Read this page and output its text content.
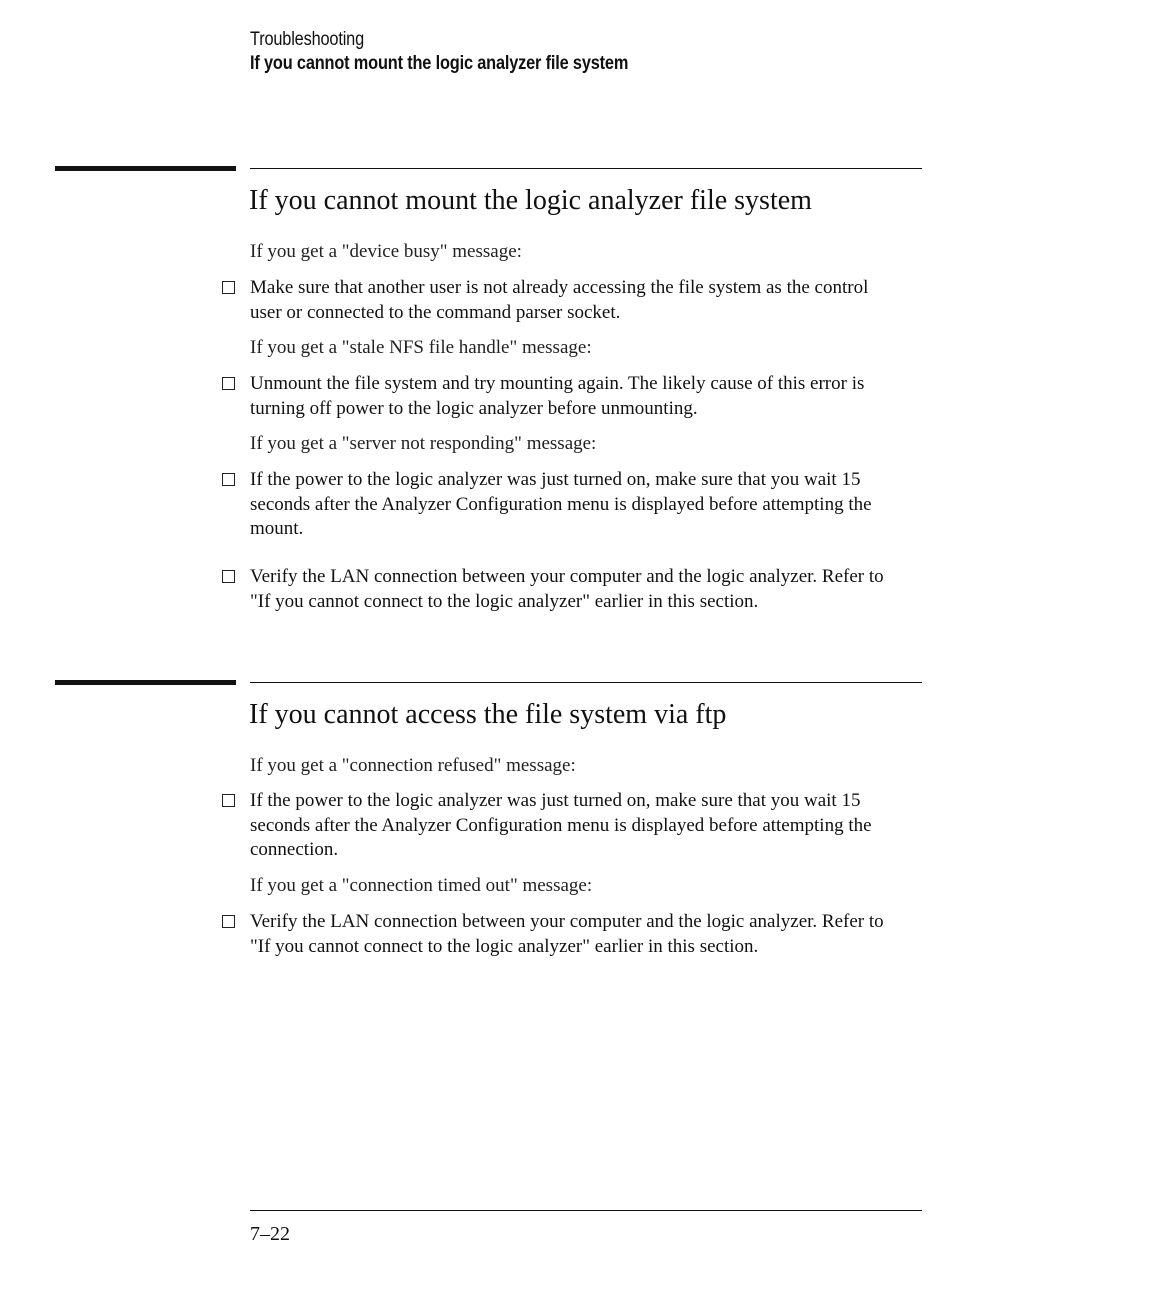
Troubleshooting
If you cannot mount the logic analyzer file system
If you cannot mount the logic analyzer file system
If you get a "device busy" message:
Make sure that another user is not already accessing the file system as the control user or connected to the command parser socket.
If you get a "stale NFS file handle" message:
Unmount the file system and try mounting again. The likely cause of this error is turning off power to the logic analyzer before unmounting.
If you get a "server not responding" message:
If the power to the logic analyzer was just turned on, make sure that you wait 15 seconds after the Analyzer Configuration menu is displayed before attempting the mount.
Verify the LAN connection between your computer and the logic analyzer. Refer to "If you cannot connect to the logic analyzer" earlier in this section.
If you cannot access the file system via ftp
If you get a "connection refused" message:
If the power to the logic analyzer was just turned on, make sure that you wait 15 seconds after the Analyzer Configuration menu is displayed before attempting the connection.
If you get a "connection timed out" message:
Verify the LAN connection between your computer and the logic analyzer. Refer to "If you cannot connect to the logic analyzer" earlier in this section.
7–22
